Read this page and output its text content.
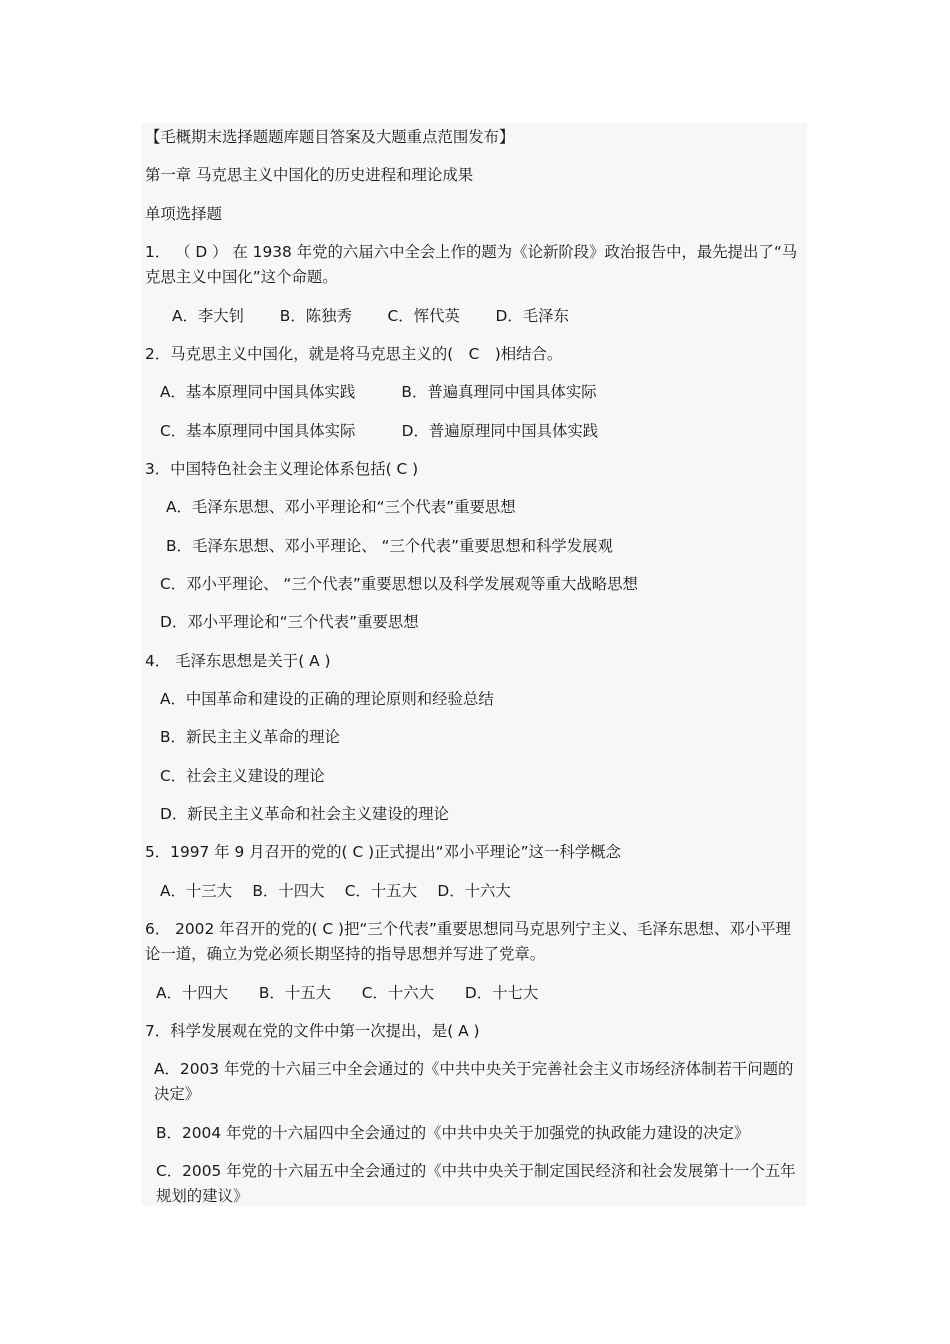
【毛概期末选择题题库题目答案及大题重点范围发布】
第一章 马克思主义中国化的历史进程和理论成果
单项选择题
1． （ D ） 在 1938 年党的六届六中全会上作的题为《论新阶段》政治报告中，最先提出了“马克思主义中国化”这个命题。
A．李大钊　　 B．陈独秀　　 C．恽代英　　 D．毛泽东
2．马克思主义中国化，就是将马克思主义的(　C　)相结合。
A．基本原理同中国具体实践　　　B．普遍真理同中国具体实际
C．基本原理同中国具体实际　　　D．普遍原理同中国具体实践
3．中国特色社会主义理论体系包括( C )
A．毛泽东思想、邓小平理论和“三个代表”重要思想
B．毛泽东思想、邓小平理论、 “三个代表”重要思想和科学发展观
C．邓小平理论、 “三个代表”重要思想以及科学发展观等重大战略思想
D．邓小平理论和“三个代表”重要思想
4． 毛泽东思想是关于( A )
A．中国革命和建设的正确的理论原则和经验总结
B．新民主主义革命的理论
C．社会主义建设的理论
D．新民主主义革命和社会主义建设的理论
5．1997 年 9 月召开的党的( C )正式提出“邓小平理论”这一科学概念
A．十三大　 B．十四大　 C．十五大　 D．十六大
6． 2002 年召开的党的( C )把“三个代表”重要思想同马克思列宁主义、毛泽东思想、邓小平理论一道，确立为党必须长期坚持的指导思想并写进了党章。
A．十四大　　B．十五大　　C．十六大　　D．十七大
7．科学发展观在党的文件中第一次提出，是( A )
A．2003 年党的十六届三中全会通过的《中共中央关于完善社会主义市场经济体制若干问题的决定》
B．2004 年党的十六届四中全会通过的《中共中央关于加强党的执政能力建设的决定》
C．2005 年党的十六届五中全会通过的《中共中央关于制定国民经济和社会发展第十一个五年规划的建议》
